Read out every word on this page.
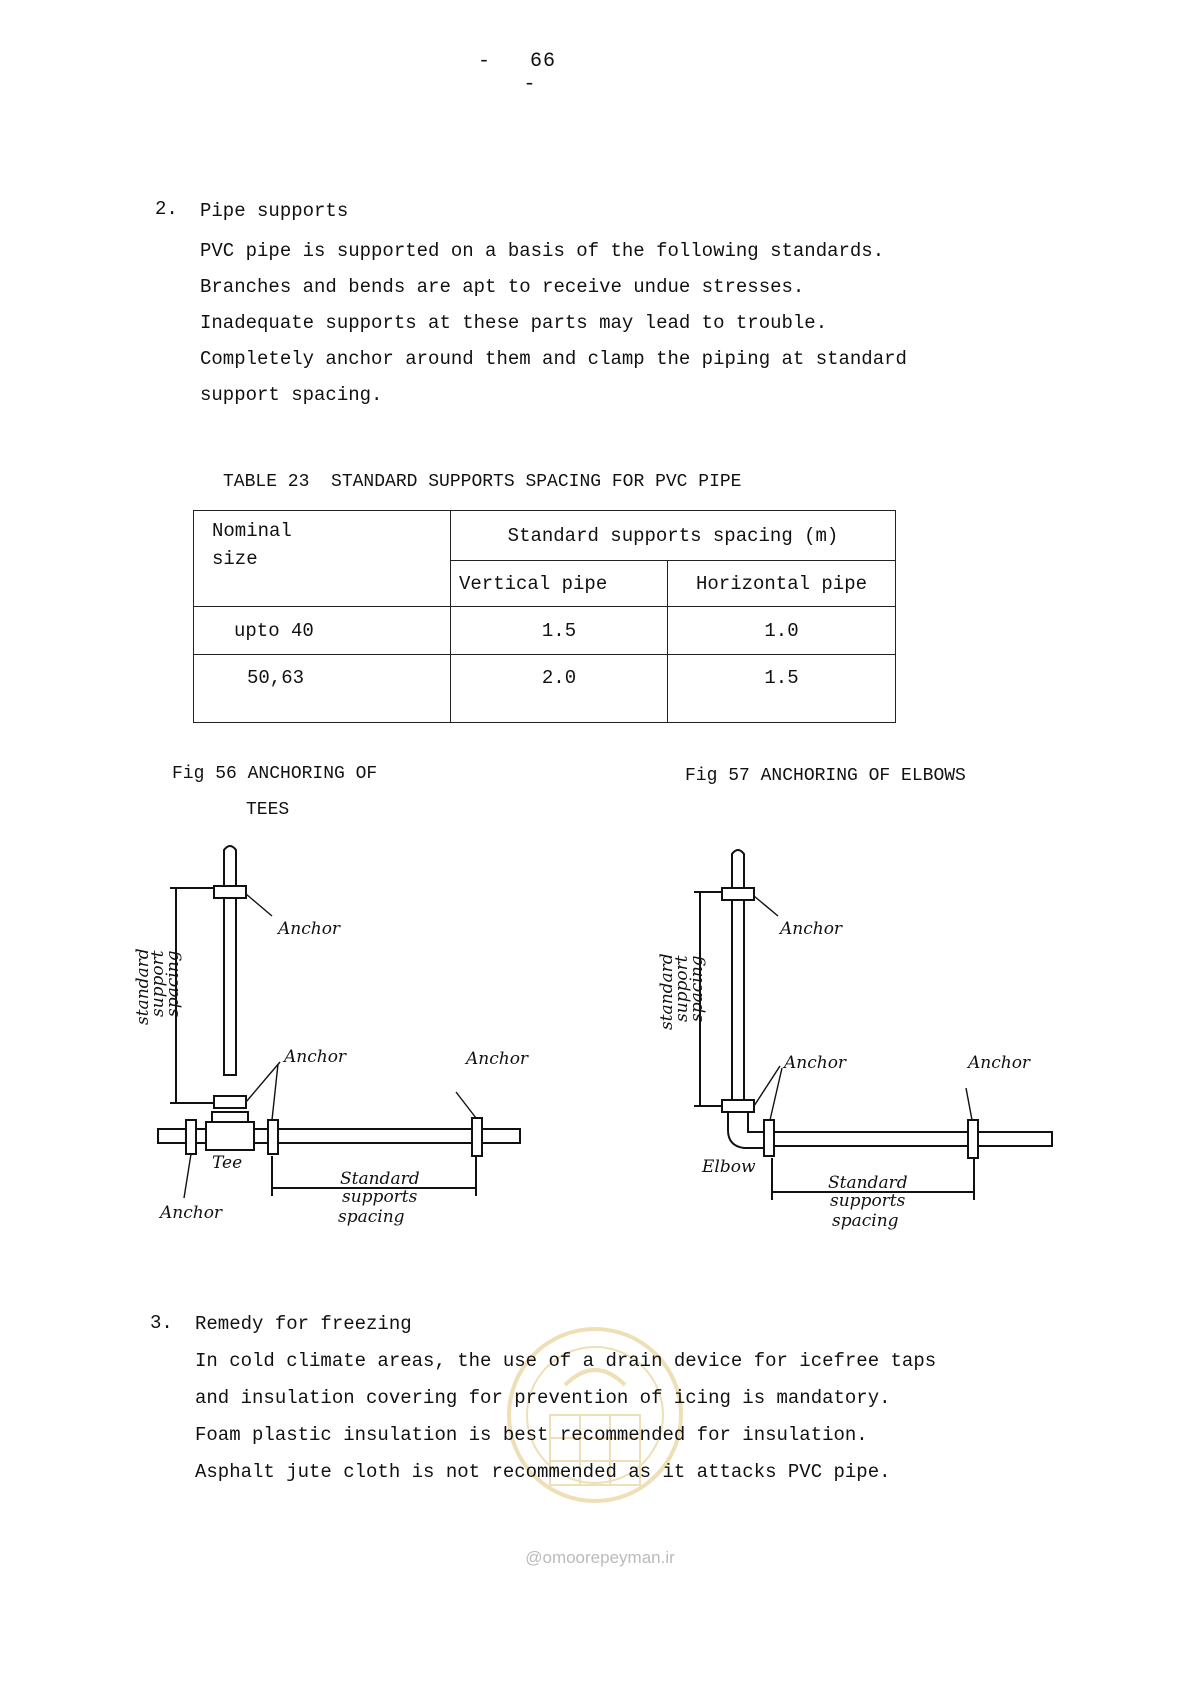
- 66   -
2. Pipe supports
PVC pipe is supported on a basis of the following standards.
Branches and bends are apt to receive undue stresses.
Inadequate supports at these parts may lead to trouble.
Completely anchor around them and clamp the piping at standard
support spacing.
TABLE 23  STANDARD SUPPORTS SPACING FOR PVC PIPE
Nominal
size	Standard supports spacing (m)	
	Vertical pipe	Horizontal pipe
upto 40	1.5	1.0
50,63	2.0	1.5
Fig 56 ANCHORING OF
TEES
Fig 57 ANCHORING OF ELBOWS
Anchor
Anchor	Anchor
Anchor
Tee
standard
support
spacing
Standard
supports
spacing
Anchor
Anchor	Anchor
Elbow
standard
support
spacing
Standard
supports
spacing
@omoorepeyman.ir
3. Remedy for freezing
In cold climate areas, the use of a drain device for icefree taps
and insulation covering for prevention of icing is mandatory.
Foam plastic insulation is best recommended for insulation.
Asphalt jute cloth is not recommended as it attacks PVC pipe.
